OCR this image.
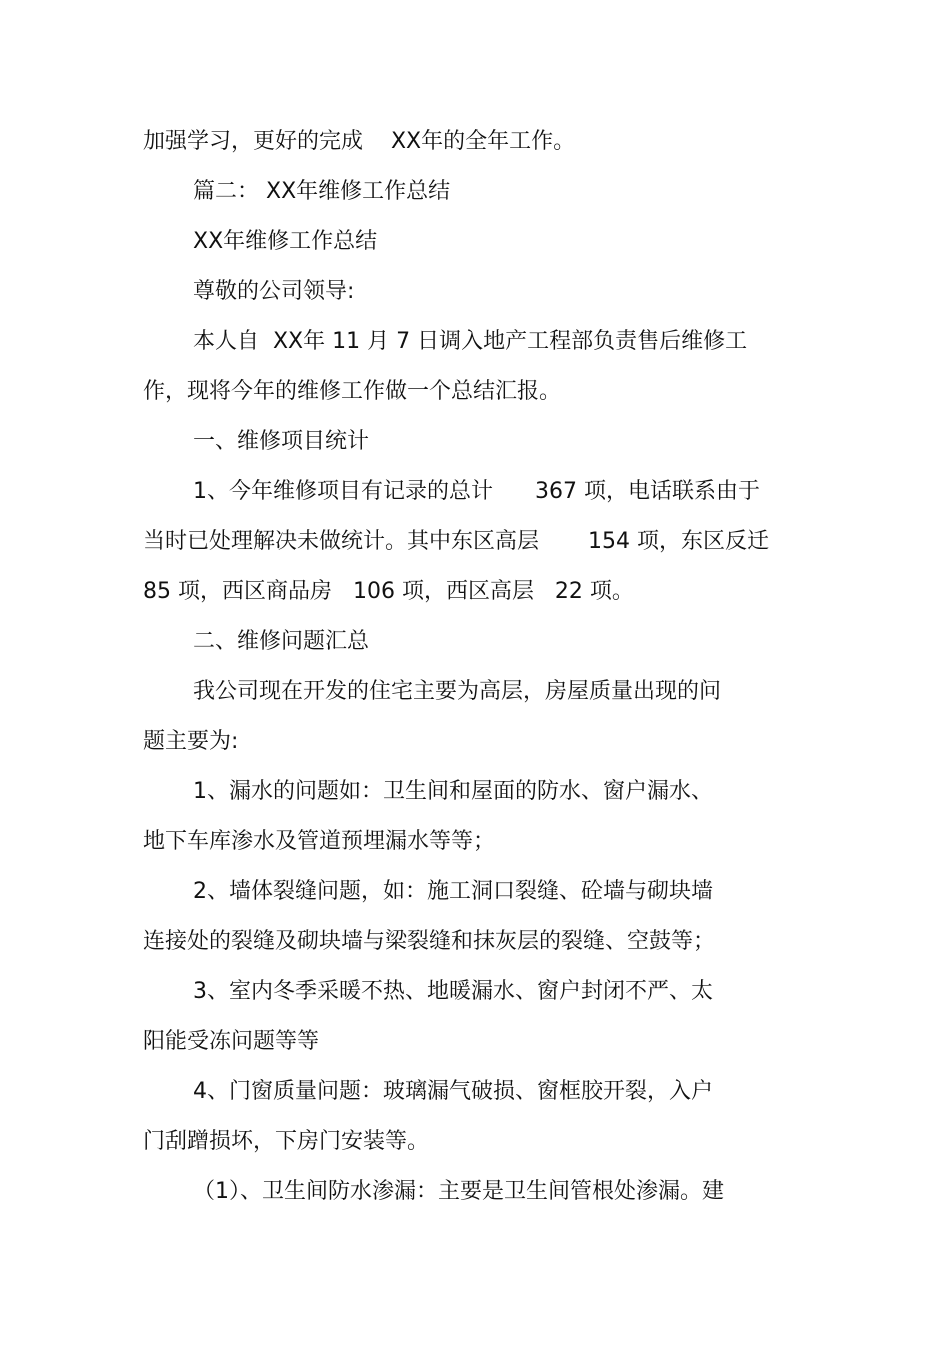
加强学习，更好的完成    XX年的全年工作。
篇二： XX年维修工作总结
XX年维修工作总结
尊敬的公司领导:
本人自  XX年 11 月 7 日调入地产工程部负责售后维修工
作，现将今年的维修工作做一个总结汇报。
一、维修项目统计
1、今年维修项目有记录的总计      367 项，电话联系由于
当时已处理解决未做统计。其中东区高层       154 项，东区反迁
85 项，西区商品房   106 项，西区高层   22 项。
二、维修问题汇总
我公司现在开发的住宅主要为高层，房屋质量出现的问
题主要为:
1、漏水的问题如：卫生间和屋面的防水、窗户漏水、
地下车库渗水及管道预埋漏水等等；
2、墙体裂缝问题，如：施工洞口裂缝、砼墙与砌块墙
连接处的裂缝及砌块墙与梁裂缝和抹灰层的裂缝、空鼓等；
3、室内冬季采暖不热、地暖漏水、窗户封闭不严、太
阳能受冻问题等等
4、门窗质量问题：玻璃漏气破损、窗框胶开裂，入户
门刮蹭损坏，下房门安装等。
（1）、卫生间防水渗漏：主要是卫生间管根处渗漏。建
